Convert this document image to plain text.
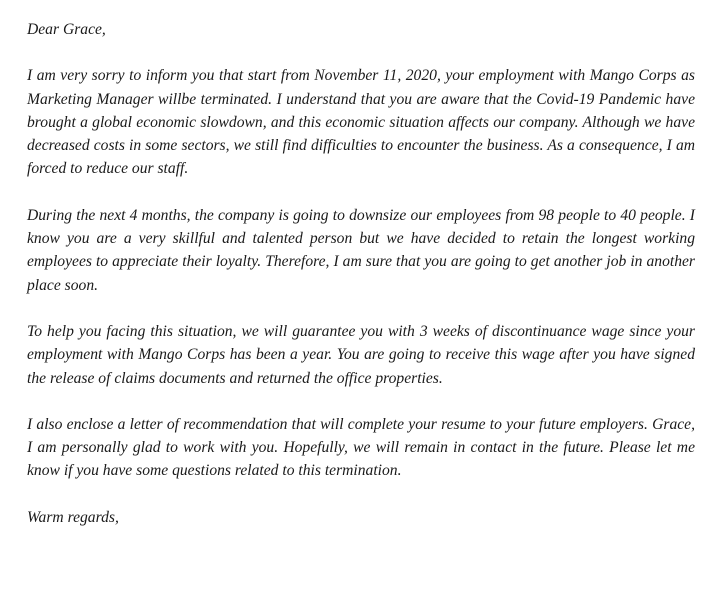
Dear Grace,

I am very sorry to inform you that start from November 11, 2020, your employment with Mango Corps as Marketing Manager willbe terminated. I understand that you are aware that the Covid-19 Pandemic have brought a global economic slowdown, and this economic situation affects our company. Although we have decreased costs in some sectors, we still find difficulties to encounter the business. As a consequence, I am forced to reduce our staff.

During the next 4 months, the company is going to downsize our employees from 98 people to 40 people. I know you are a very skillful and talented person but we have decided to retain the longest working employees to appreciate their loyalty. Therefore, I am sure that you are going to get another job in another place soon.

To help you facing this situation, we will guarantee you with 3 weeks of discontinuance wage since your employment with Mango Corps has been a year. You are going to receive this wage after you have signed the release of claims documents and returned the office properties.

I also enclose a letter of recommendation that will complete your resume to your future employers. Grace, I am personally glad to work with you. Hopefully, we will remain in contact in the future. Please let me know if you have some questions related to this termination.

Warm regards,
